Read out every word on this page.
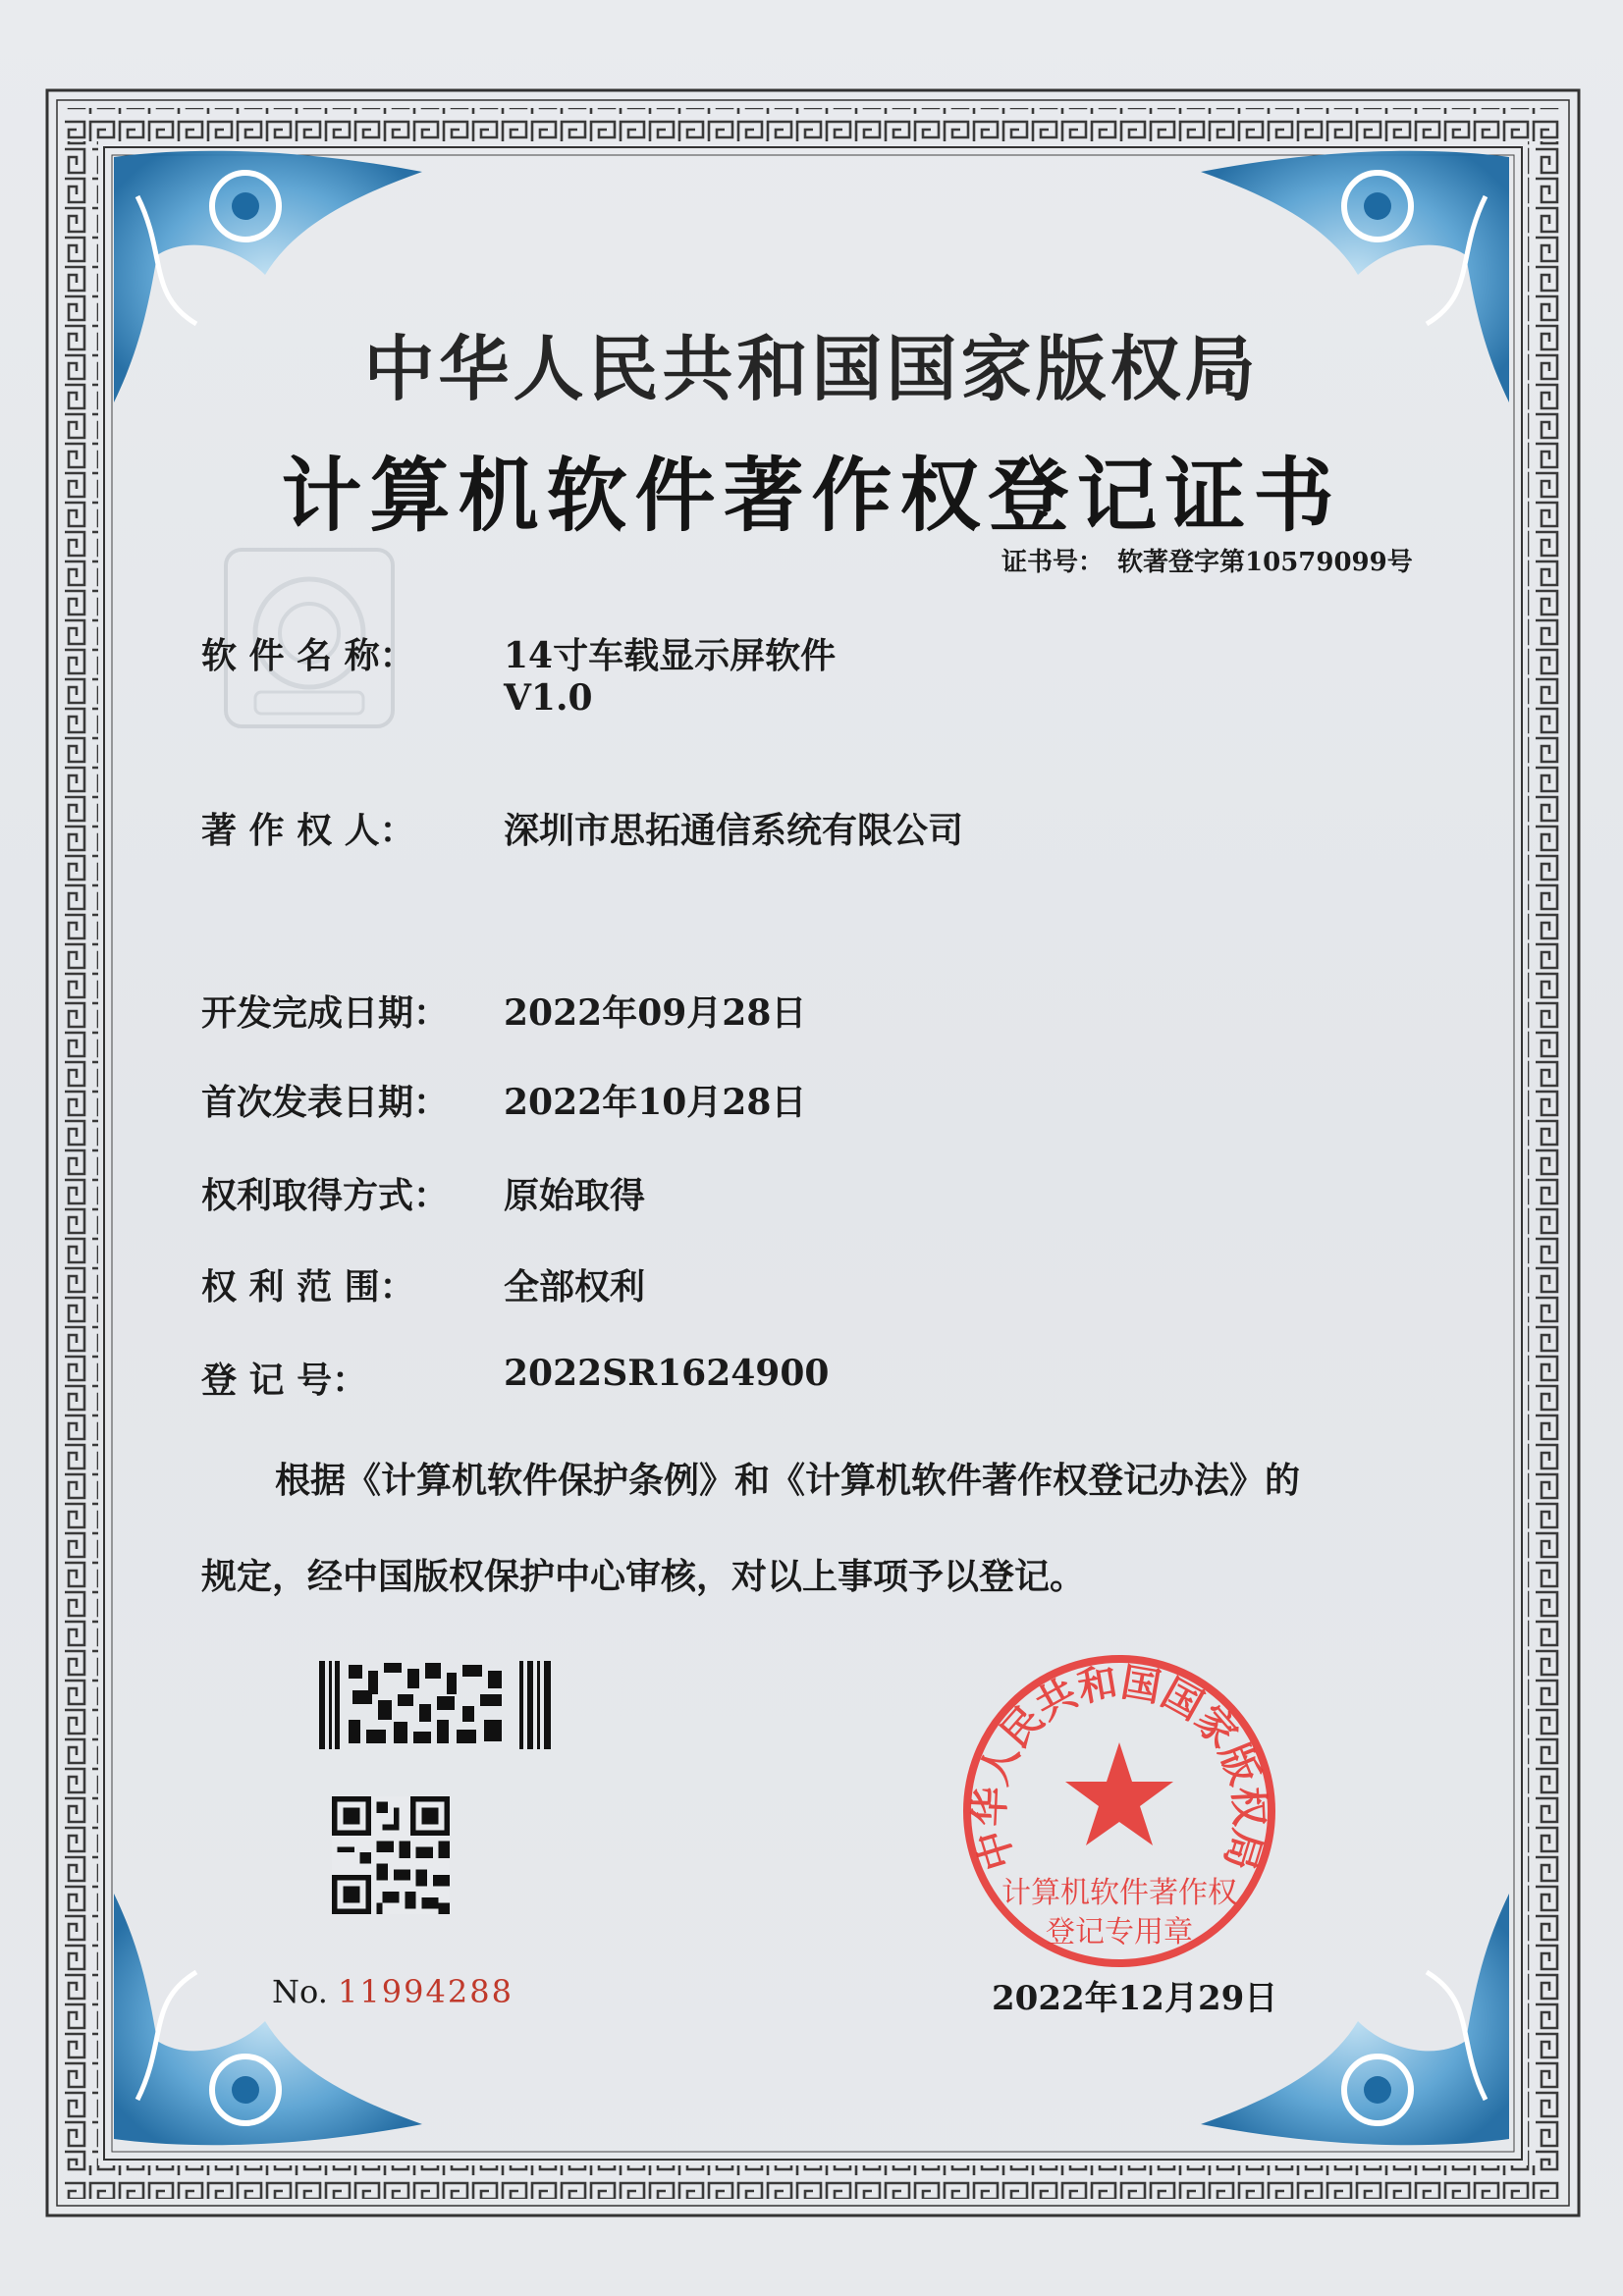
中华人民共和国国家版权局
计算机软件著作权登记证书
证书号： 软著登字第10579099号
软 件 名 称：	14寸车载显示屏软件
V1.0
著 作 权 人：	深圳市思拓通信系统有限公司
开发完成日期： 2022年09月28日
首次发表日期： 2022年10月28日
权利取得方式： 原始取得
权 利 范 围：	全部权利
登 记 号：	2022SR1624900
根据《计算机软件保护条例》和《计算机软件著作权登记办法》的
规定，经中国版权保护中心审核，对以上事项予以登记。
No. 11994288
中华人民共和国国家版权局
计算机软件著作权
登记专用章
2022年12月29日
